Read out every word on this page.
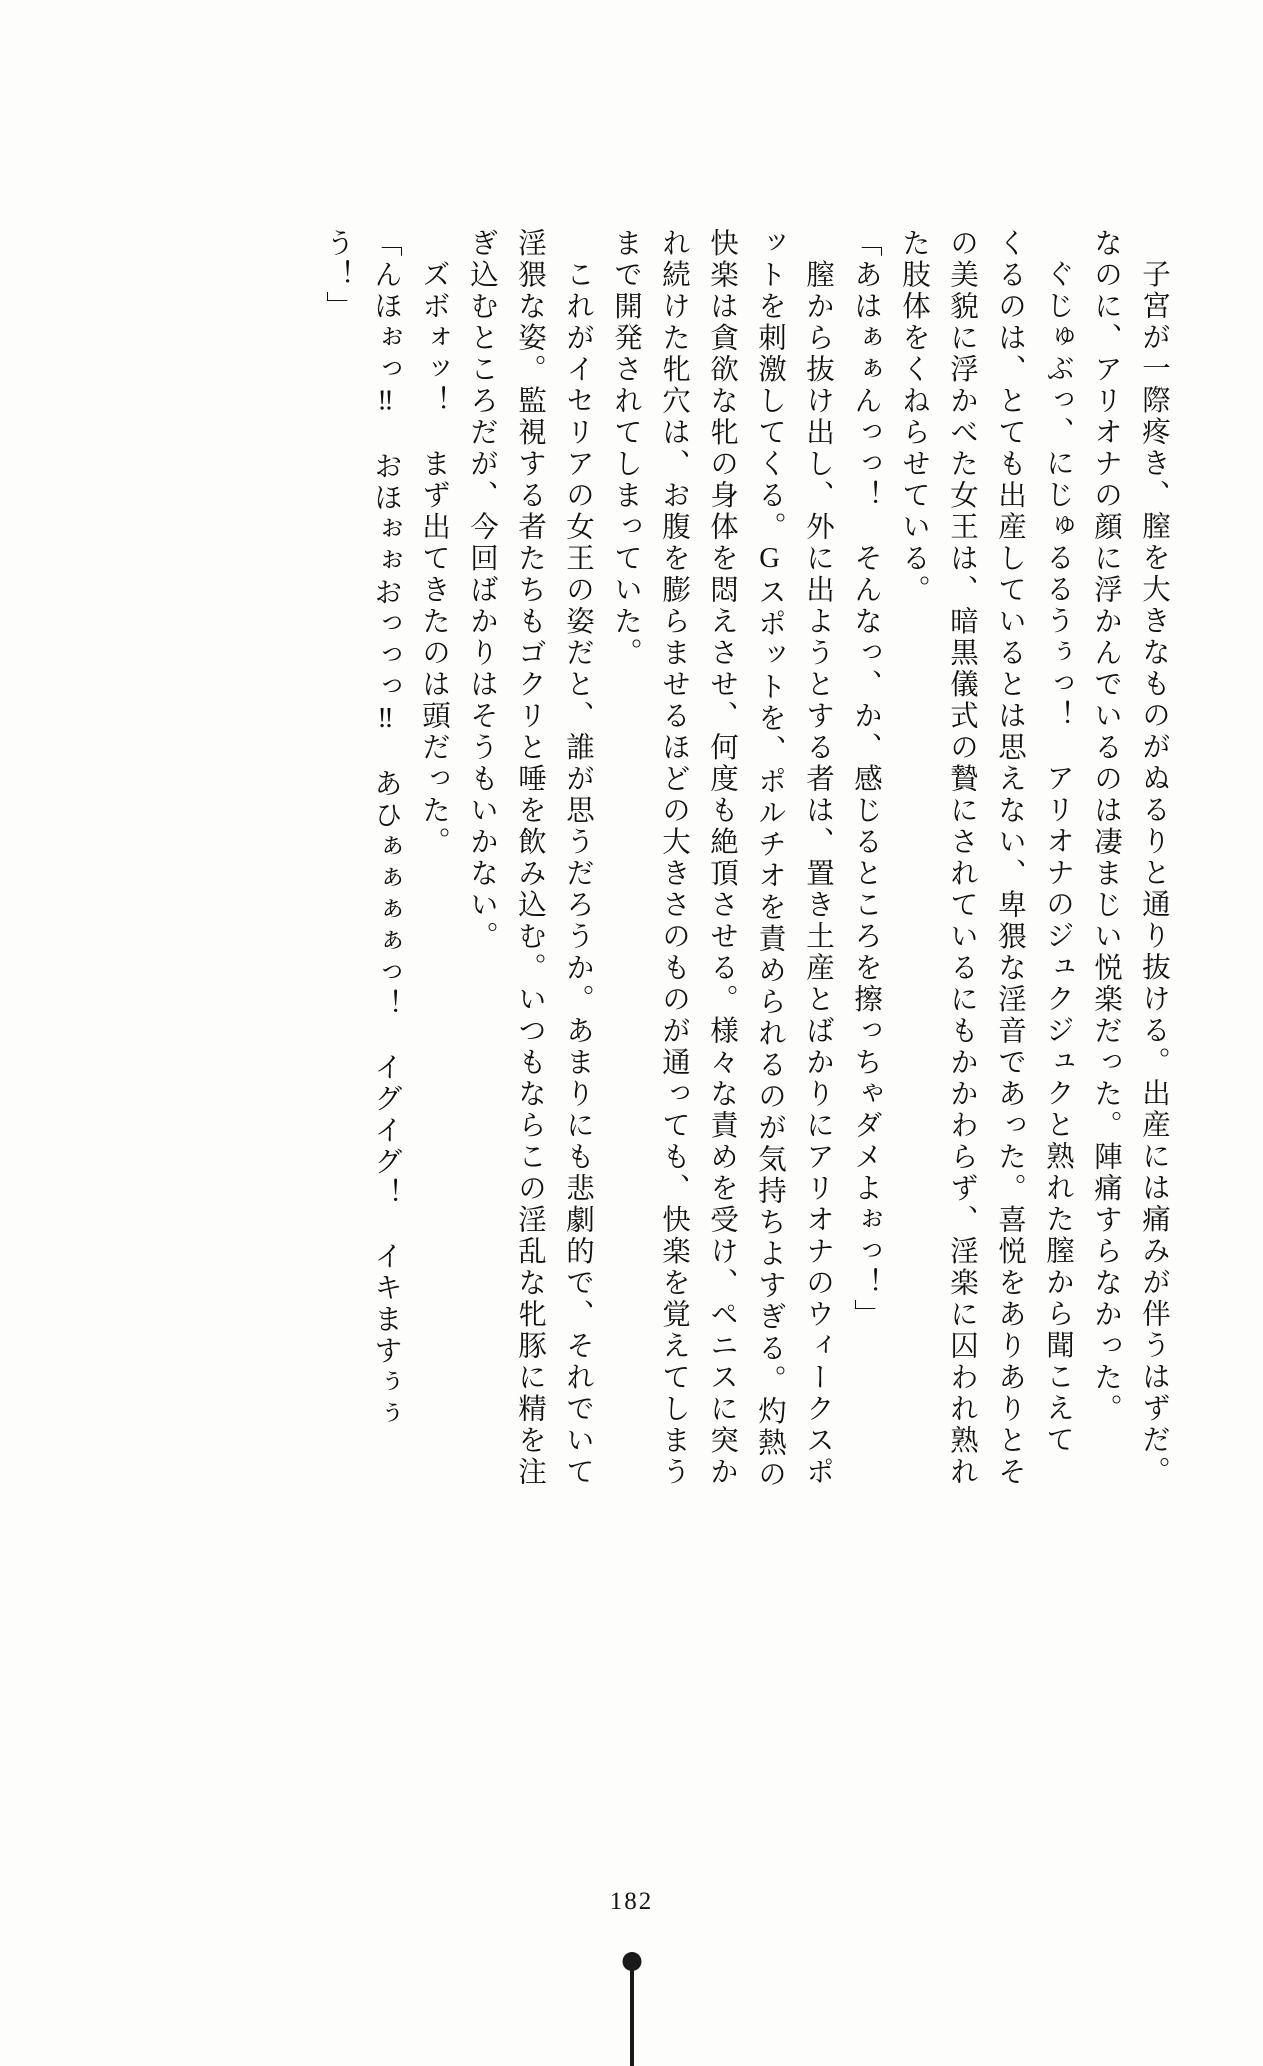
子宮が一際疼き、膣を大きなものがぬるりと通り抜ける。出産には痛みが伴うはずだ。
なのに、アリオナの顔に浮かんでいるのは凄まじい悦楽だった。陣痛すらなかった。
ぐじゅぶっ、にじゅるるうぅっ！　アリオナのジュクジュクと熟れた膣から聞こえて
くるのは、とても出産しているとは思えない、卑猥な淫音であった。喜悦をありありとそ
の美貌に浮かべた女王は、暗黒儀式の贄にされているにもかかわらず、淫楽に囚われ熟れ
た肢体をくねらせている。
「あはぁぁんっっ！　そんなっ、か、感じるところを擦っちゃダメよぉっ！」
　膣から抜け出し、外に出ようとする者は、置き土産とばかりにアリオナのウィークスポ
ットを刺激してくる。Gスポットを、ポルチオを責められるのが気持ちよすぎる。灼熱の
快楽は貪欲な牝の身体を悶えさせ、何度も絶頂させる。様々な責めを受け、ペニスに突か
れ続けた牝穴は、お腹を膨らませるほどの大きさのものが通っても、快楽を覚えてしまう
まで開発されてしまっていた。
　これがイセリアの女王の姿だと、誰が思うだろうか。あまりにも悲劇的で、それでいて
淫猥な姿。監視する者たちもゴクリと唾を飲み込む。いつもならこの淫乱な牝豚に精を注
ぎ込むところだが、今回ばかりはそうもいかない。
　ズボォッ！　まず出てきたのは頭だった。
「んほぉっ‼　おほぉぉおっっっ‼　あひぁぁぁぁっ！　イグイグ！　イキますぅぅ
う！」
182
